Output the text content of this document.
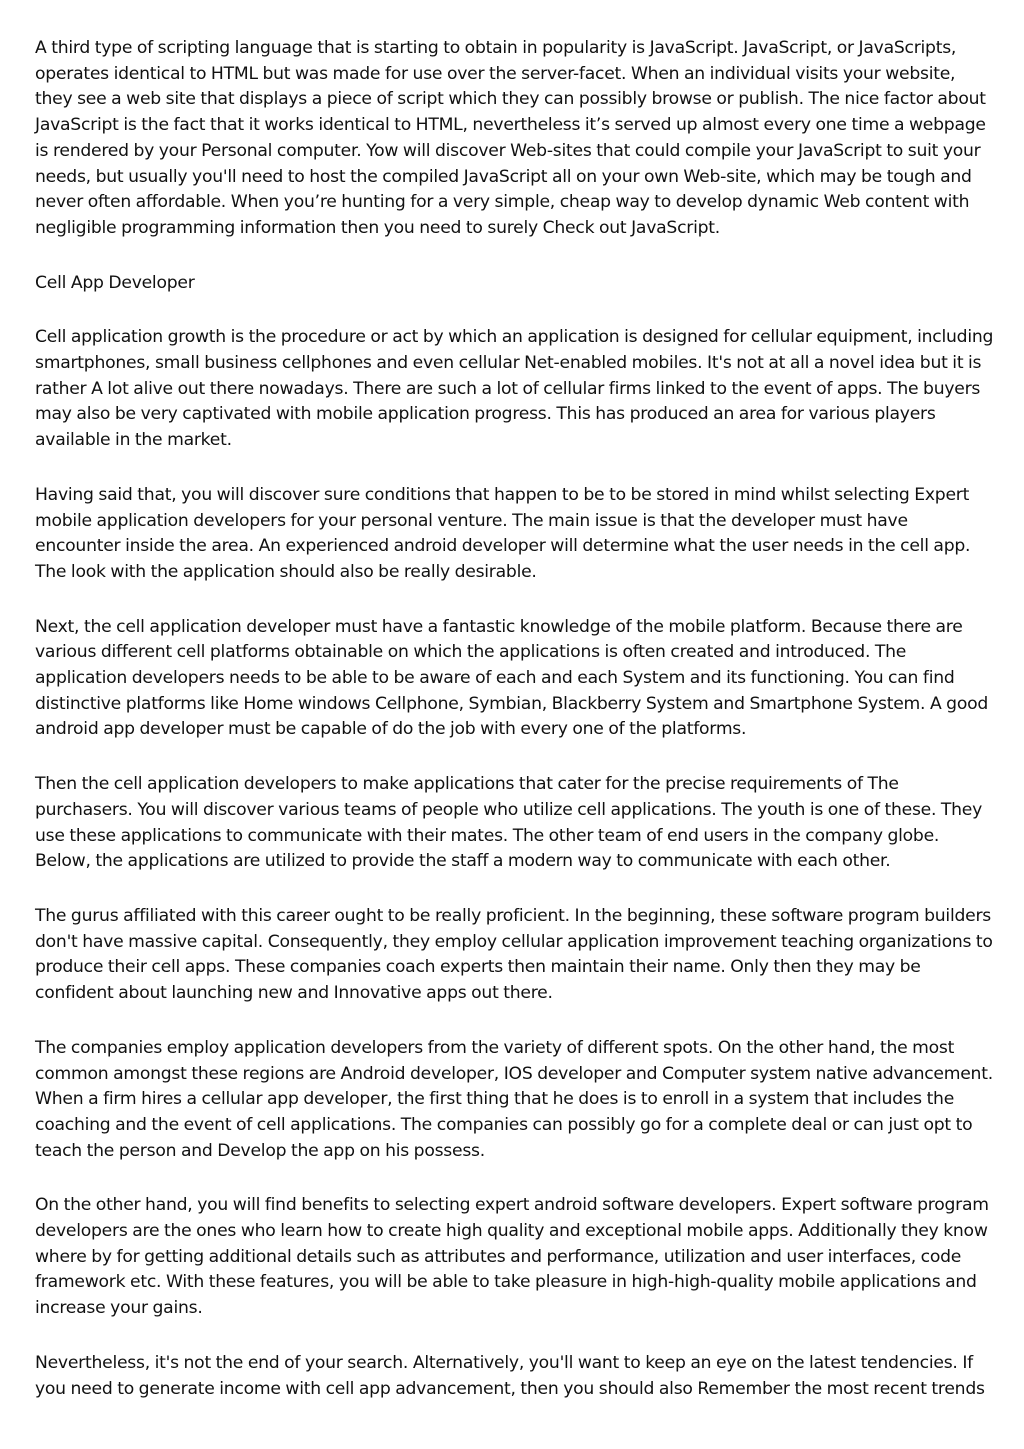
A third type of scripting language that is starting to obtain in popularity is JavaScript. JavaScript, or JavaScripts, operates identical to HTML but was made for use over the server-facet. When an individual visits your website, they see a web site that displays a piece of script which they can possibly browse or publish. The nice factor about JavaScript is the fact that it works identical to HTML, nevertheless it’s served up almost every one time a webpage is rendered by your Personal computer. Yow will discover Web-sites that could compile your JavaScript to suit your needs, but usually you'll need to host the compiled JavaScript all on your own Web-site, which may be tough and never often affordable. When you’re hunting for a very simple, cheap way to develop dynamic Web content with negligible programming information then you need to surely Check out JavaScript.

Cell App Developer

Cell application growth is the procedure or act by which an application is designed for cellular equipment, including smartphones, small business cellphones and even cellular Net-enabled mobiles. It's not at all a novel idea but it is rather A lot alive out there nowadays. There are such a lot of cellular firms linked to the event of apps. The buyers may also be very captivated with mobile application progress. This has produced an area for various players available in the market.

Having said that, you will discover sure conditions that happen to be to be stored in mind whilst selecting Expert mobile application developers for your personal venture. The main issue is that the developer must have encounter inside the area. An experienced android developer will determine what the user needs in the cell app. The look with the application should also be really desirable.

Next, the cell application developer must have a fantastic knowledge of the mobile platform. Because there are various different cell platforms obtainable on which the applications is often created and introduced. The application developers needs to be able to be aware of each and each System and its functioning. You can find distinctive platforms like Home windows Cellphone, Symbian, Blackberry System and Smartphone System. A good android app developer must be capable of do the job with every one of the platforms.

Then the cell application developers to make applications that cater for the precise requirements of The purchasers. You will discover various teams of people who utilize cell applications. The youth is one of these. They use these applications to communicate with their mates. The other team of end users in the company globe. Below, the applications are utilized to provide the staff a modern way to communicate with each other.

The gurus affiliated with this career ought to be really proficient. In the beginning, these software program builders don't have massive capital. Consequently, they employ cellular application improvement teaching organizations to produce their cell apps. These companies coach experts then maintain their name. Only then they may be confident about launching new and Innovative apps out there.

The companies employ application developers from the variety of different spots. On the other hand, the most common amongst these regions are Android developer, IOS developer and Computer system native advancement. When a firm hires a cellular app developer, the first thing that he does is to enroll in a system that includes the coaching and the event of cell applications. The companies can possibly go for a complete deal or can just opt to teach the person and Develop the app on his possess.

On the other hand, you will find benefits to selecting expert android software developers. Expert software program developers are the ones who learn how to create high quality and exceptional mobile apps. Additionally they know where by for getting additional details such as attributes and performance, utilization and user interfaces, code framework etc. With these features, you will be able to take pleasure in high-high-quality mobile applications and increase your gains.

Nevertheless, it's not the end of your search. Alternatively, you'll want to keep an eye on the latest tendencies. If you need to generate income with cell app advancement, then you should also Remember the most recent trends
